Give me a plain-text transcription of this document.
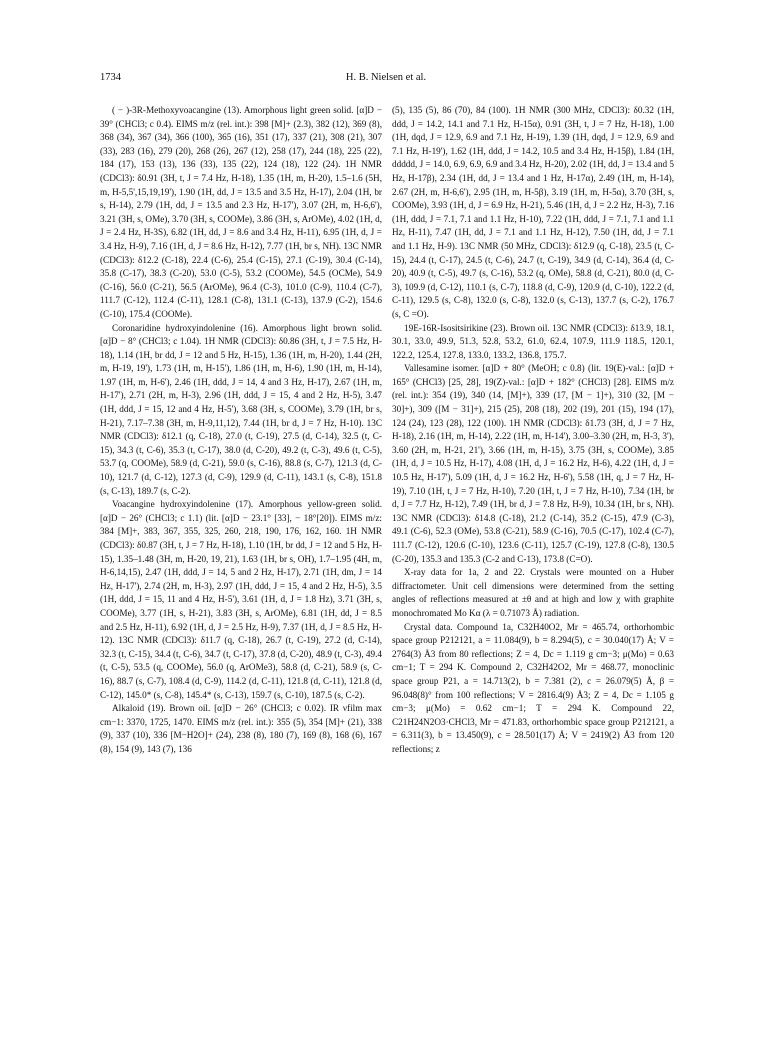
1734	H. B. Nielsen et al.

( − )-3R-Methoxyvoacangine (13). Amorphous light green solid. [α]D − 39° (CHCl3; c 0.4). EIMS m/z (rel. int.): 398 [M]+ (2.3), 382 (12), 369 (8), 368 (34), 367 (34), 366 (100), 365 (16), 351 (17), 337 (21), 308 (21), 307 (33), 283 (16), 279 (20), 268 (26), 267 (12), 258 (17), 244 (18), 225 (22), 184 (17), 153 (13), 136 (33), 135 (22), 124 (18), 122 (24). 1H NMR (CDCl3): δ0.91 (3H, t, J = 7.4 Hz, H-18), 1.35 (1H, m, H-20), 1.5–1.6 (5H, m, H-5,5',15,19,19'), 1.90 (1H, dd, J = 13.5 and 3.5 Hz, H-17), 2.04 (1H, br s, H-14), 2.79 (1H, dd, J = 13.5 and 2.3 Hz, H-17'), 3.07 (2H, m, H-6,6'), 3.21 (3H, s, OMe), 3.70 (3H, s, COOMe), 3.86 (3H, s, ArOMe), 4.02 (1H, d, J = 2.4 Hz, H-3S), 6.82 (1H, dd, J = 8.6 and 3.4 Hz, H-11), 6.95 (1H, d, J = 3.4 Hz, H-9), 7.16 (1H, d, J = 8.6 Hz, H-12), 7.77 (1H, br s, NH). 13C NMR (CDCl3): δ12.2 (C-18), 22.4 (C-6), 25.4 (C-15), 27.1 (C-19), 30.4 (C-14), 35.8 (C-17), 38.3 (C-20), 53.0 (C-5), 53.2 (COOMe), 54.5 (OCMe), 54.9 (C-16), 56.0 (C-21), 56.5 (ArOMe), 96.4 (C-3), 101.0 (C-9), 110.4 (C-7), 111.7 (C-12), 112.4 (C-11), 128.1 (C-8), 131.1 (C-13), 137.9 (C-2), 154.6 (C-10), 175.4 (COOMe).

Coronaridine hydroxyindolenine (16). Amorphous light brown solid. [α]D − 8° (CHCl3; c 1.04). 1H NMR (CDCl3): δ0.86 (3H, t, J = 7.5 Hz, H-18), 1.14 (1H, br dd, J = 12 and 5 Hz, H-15), 1.36 (1H, m, H-20), 1.44 (2H, m, H-19, 19'), 1.73 (1H, m, H-15'), 1.86 (1H, m, H-6), 1.90 (1H, m, H-14), 1.97 (1H, m, H-6'), 2.46 (1H, ddd, J = 14, 4 and 3 Hz, H-17), 2.67 (1H, m, H-17'), 2.71 (2H, m, H-3), 2.96 (1H, ddd, J = 15, 4 and 2 Hz, H-5), 3.47 (1H, ddd, J = 15, 12 and 4 Hz, H-5'), 3.68 (3H, s, COOMe), 3.79 (1H, br s, H-21), 7.17–7.38 (3H, m, H-9,11,12), 7.44 (1H, br d, J = 7 Hz, H-10). 13C NMR (CDCl3): δ12.1 (q, C-18), 27.0 (t, C-19), 27.5 (d, C-14), 32.5 (t, C-15), 34.3 (t, C-6), 35.3 (t, C-17), 38.0 (d, C-20), 49.2 (t, C-3), 49.6 (t, C-5), 53.7 (q, COOMe), 58.9 (d, C-21), 59.0 (s, C-16), 88.8 (s, C-7), 121.3 (d, C-10), 121.7 (d, C-12), 127.3 (d, C-9), 129.9 (d, C-11), 143.1 (s, C-8), 151.8 (s, C-13), 189.7 (s, C-2).

Voacangine hydroxyindolenine (17). Amorphous yellow-green solid. [α]D − 26° (CHCl3; c 1.1) (lit. [α]D − 23.1° [33], − 18°[20]). EIMS m/z: 384 [M]+, 383, 367, 355, 325, 260, 218, 190, 176, 162, 160. 1H NMR (CDCl3): δ0.87 (3H, t, J = 7 Hz, H-18), 1.10 (1H, br dd, J = 12 and 5 Hz, H-15), 1.35–1.48 (3H, m, H-20, 19, 21), 1.63 (1H, br s, OH), 1.7–1.95 (4H, m, H-6,14,15), 2.47 (1H, ddd, J = 14, 5 and 2 Hz, H-17), 2.71 (1H, dm, J = 14 Hz, H-17'), 2.74 (2H, m, H-3), 2.97 (1H, ddd, J = 15, 4 and 2 Hz, H-5), 3.5 (1H, ddd, J = 15, 11 and 4 Hz, H-5'), 3.61 (1H, d, J = 1.8 Hz), 3.71 (3H, s, COOMe), 3.77 (1H, s, H-21), 3.83 (3H, s, ArOMe), 6.81 (1H, dd, J = 8.5 and 2.5 Hz, H-11), 6.92 (1H, d, J = 2.5 Hz, H-9), 7.37 (1H, d, J = 8.5 Hz, H-12). 13C NMR (CDCl3): δ11.7 (q, C-18), 26.7 (t, C-19), 27.2 (d, C-14), 32.3 (t, C-15), 34.4 (t, C-6), 34.7 (t, C-17), 37.8 (d, C-20), 48.9 (t, C-3), 49.4 (t, C-5), 53.5 (q, COOMe), 56.0 (q, ArOMe3), 58.8 (d, C-21), 58.9 (s, C-16), 88.7 (s, C-7), 108.4 (d, C-9), 114.2 (d, C-11), 121.8 (d, C-11), 121.8 (d, C-12), 145.0* (s, C-8), 145.4* (s, C-13), 159.7 (s, C-10), 187.5 (s, C-2).

Alkaloid (19). Brown oil. [α]D − 26° (CHCl3; c 0.02). IR νfilm max cm−1: 3370, 1725, 1470. EIMS m/z (rel. int.): 355 (5), 354 [M]+ (21), 338 (9), 337 (10), 336 [M−H2O]+ (24), 238 (8), 180 (7), 169 (8), 168 (6), 167 (8), 154 (9), 143 (7), 136

(5), 135 (5), 86 (70), 84 (100). 1H NMR (300 MHz, CDCl3): δ0.32 (1H, ddd, J = 14.2, 14.1 and 7.1 Hz, H-15α), 0.91 (3H, t, J = 7 Hz, H-18), 1.00 (1H, dqd, J = 12.9, 6.9 and 7.1 Hz, H-19), 1.39 (1H, dqd, J = 12.9, 6.9 and 7.1 Hz, H-19'), 1.62 (1H, ddd, J = 14.2, 10.5 and 3.4 Hz, H-15β), 1.84 (1H, ddddd, J = 14.0, 6.9, 6.9, 6.9 and 3.4 Hz, H-20), 2.02 (1H, dd, J = 13.4 and 5 Hz, H-17β), 2.34 (1H, dd, J = 13.4 and 1 Hz, H-17α), 2.49 (1H, m, H-14), 2.67 (2H, m, H-6,6'), 2.95 (1H, m, H-5β), 3.19 (1H, m, H-5α), 3.70 (3H, s, COOMe), 3.93 (1H, d, J = 6.9 Hz, H-21), 5.46 (1H, d, J = 2.2 Hz, H-3), 7.16 (1H, ddd, J = 7.1, 7.1 and 1.1 Hz, H-10), 7.22 (1H, ddd, J = 7.1, 7.1 and 1.1 Hz, H-11), 7.47 (1H, dd, J = 7.1 and 1.1 Hz, H-12), 7.50 (1H, dd, J = 7.1 and 1.1 Hz, H-9). 13C NMR (50 MHz, CDCl3): δ12.9 (q, C-18), 23.5 (t, C-15), 24.4 (t, C-17), 24.5 (t, C-6), 24.7 (t, C-19), 34.9 (d, C-14), 36.4 (d, C-20), 40.9 (t, C-5), 49.7 (s, C-16), 53.2 (q, OMe), 58.8 (d, C-21), 80.0 (d, C-3), 109.9 (d, C-12), 110.1 (s, C-7), 118.8 (d, C-9), 120.9 (d, C-10), 122.2 (d, C-11), 129.5 (s, C-8), 132.0 (s, C-8), 132.0 (s, C-13), 137.7 (s, C-2), 176.7 (s, C =O).

19E-16R-Isositsirikine (23). Brown oil. 13C NMR (CDCl3): δ13.9, 18.1, 30.1, 33.0, 49.9, 51.3, 52.8, 53.2, 61.0, 62.4, 107.9, 111.9 118.5, 120.1, 122.2, 125.4, 127.8, 133.0, 133.2, 136.8, 175.7.

Vallesamine isomer. [α]D + 80° (MeOH; c 0.8) (lit. 19(E)-val.: [α]D + 165° (CHCl3) [25, 28], 19(Z)-val.: [α]D + 182° (CHCl3) [28]. EIMS m/z (rel. int.): 354 (19), 340 (14, [M]+), 339 (17, [M − 1]+), 310 (32, [M − 30]+), 309 ([M − 31]+), 215 (25), 208 (18), 202 (19), 201 (15), 194 (17), 124 (24), 123 (28), 122 (100). 1H NMR (CDCl3): δ1.73 (3H, d, J = 7 Hz, H-18), 2.16 (1H, m, H-14), 2.22 (1H, m, H-14'), 3.00–3.30 (2H, m, H-3, 3'), 3.60 (2H, m, H-21, 21'), 3.66 (1H, m, H-15), 3.75 (3H, s, COOMe), 3.85 (1H, d, J = 10.5 Hz, H-17), 4.08 (1H, d, J = 16.2 Hz, H-6), 4.22 (1H, d, J = 10.5 Hz, H-17'), 5.09 (1H, d, J = 16.2 Hz, H-6'), 5.58 (1H, q, J = 7 Hz, H-19), 7.10 (1H, t, J = 7 Hz, H-10), 7.20 (1H, t, J = 7 Hz, H-10), 7.34 (1H, br d, J = 7.7 Hz, H-12), 7.49 (1H, br d, J = 7.8 Hz, H-9), 10.34 (1H, br s, NH). 13C NMR (CDCl3): δ14.8 (C-18), 21.2 (C-14), 35.2 (C-15), 47.9 (C-3), 49.1 (C-6), 52.3 (OMe), 53.8 (C-21), 58.9 (C-16), 70.5 (C-17), 102.4 (C-7), 111.7 (C-12), 120.6 (C-10), 123.6 (C-11), 125.7 (C-19), 127.8 (C-8), 130.5 (C-20), 135.3 and 135.3 (C-2 and C-13), 173.8 (C=O).

X-ray data for 1a, 2 and 22. Crystals were mounted on a Huber diffractometer. Unit cell dimensions were determined from the setting angles of reflections measured at ±θ and at high and low χ with graphite monochromated Mo Kα (λ = 0.71073 Å) radiation.

Crystal data. Compound 1a, C32H40O2, Mr = 465.74, orthorhombic space group P212121, a = 11.084(9), b = 8.294(5), c = 30.040(17) Å; V = 2764(3) Å3 from 80 reflections; Z = 4, Dc = 1.119 g cm−3; μ(Mo) = 0.63 cm−1; T = 294 K. Compound 2, C32H42O2, Mr = 468.77, monoclinic space group P21, a = 14.713(2), b = 7.381 (2), c = 26.079(5) Å, β = 96.048(8)° from 100 reflections; V = 2816.4(9) Å3; Z = 4, Dc = 1.105 g cm−3; μ(Mo) = 0.62 cm−1; T = 294 K. Compound 22, C21H24N2O3·CHCl3, Mr = 471.83, orthorhombic space group P212121, a = 6.311(3), b = 13.450(9), c = 28.501(17) Å; V = 2419(2) Å3 from 120 reflections; z
